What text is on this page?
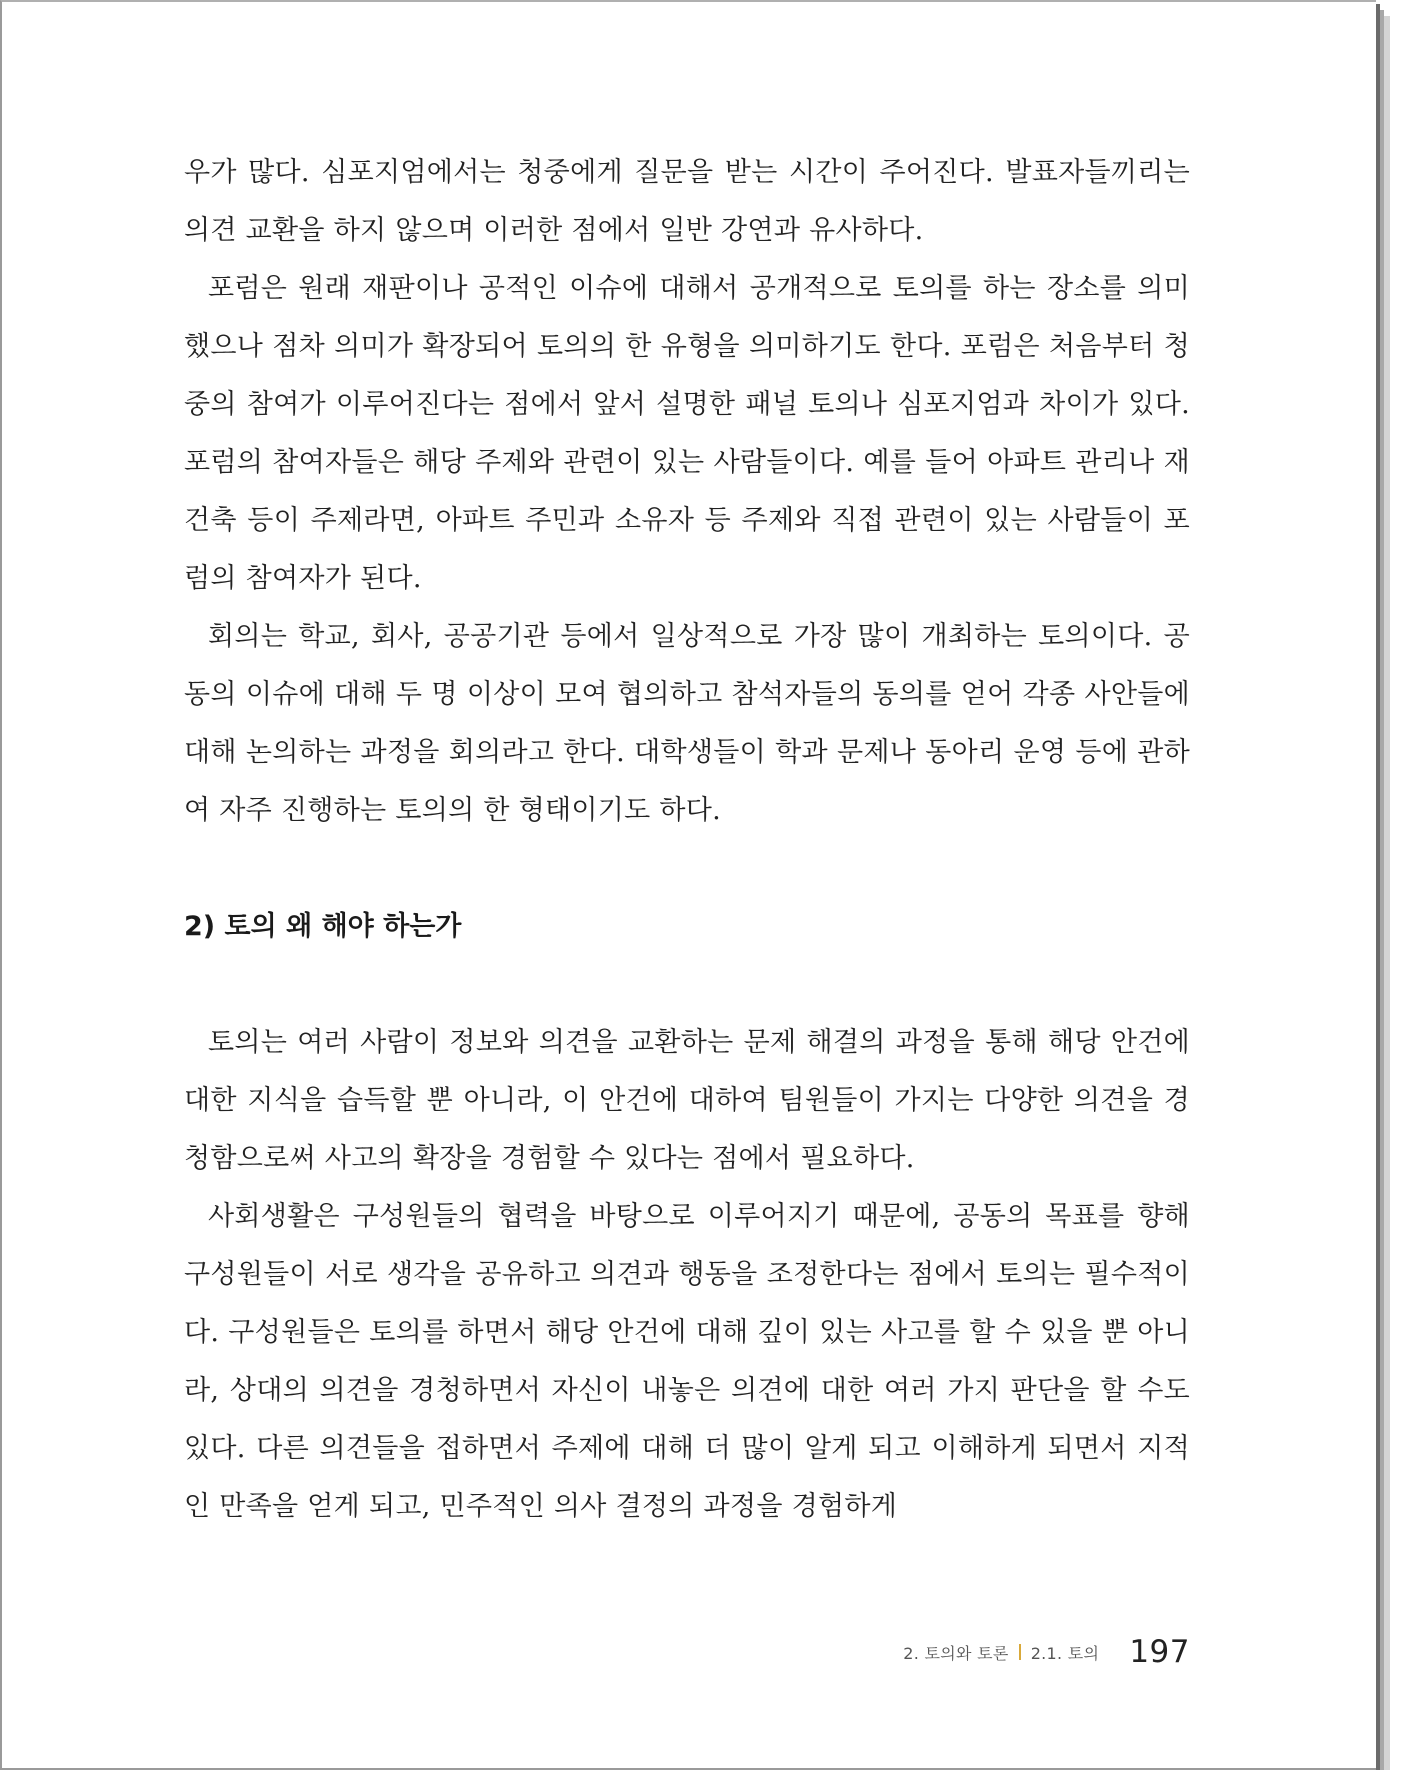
우가 많다. 심포지엄에서는 청중에게 질문을 받는 시간이 주어진다. 발표자들끼리는 의견 교환을 하지 않으며 이러한 점에서 일반 강연과 유사하다.

포럼은 원래 재판이나 공적인 이슈에 대해서 공개적으로 토의를 하는 장소를 의미했으나 점차 의미가 확장되어 토의의 한 유형을 의미하기도 한다. 포럼은 처음부터 청중의 참여가 이루어진다는 점에서 앞서 설명한 패널 토의나 심포지엄과 차이가 있다. 포럼의 참여자들은 해당 주제와 관련이 있는 사람들이다. 예를 들어 아파트 관리나 재건축 등이 주제라면, 아파트 주민과 소유자 등 주제와 직접 관련이 있는 사람들이 포럼의 참여자가 된다.

회의는 학교, 회사, 공공기관 등에서 일상적으로 가장 많이 개최하는 토의이다. 공동의 이슈에 대해 두 명 이상이 모여 협의하고 참석자들의 동의를 얻어 각종 사안들에 대해 논의하는 과정을 회의라고 한다. 대학생들이 학과 문제나 동아리 운영 등에 관하여 자주 진행하는 토의의 한 형태이기도 하다.

2) 토의 왜 해야 하는가

토의는 여러 사람이 정보와 의견을 교환하는 문제 해결의 과정을 통해 해당 안건에 대한 지식을 습득할 뿐 아니라, 이 안건에 대하여 팀원들이 가지는 다양한 의견을 경청함으로써 사고의 확장을 경험할 수 있다는 점에서 필요하다.

사회생활은 구성원들의 협력을 바탕으로 이루어지기 때문에, 공동의 목표를 향해 구성원들이 서로 생각을 공유하고 의견과 행동을 조정한다는 점에서 토의는 필수적이다. 구성원들은 토의를 하면서 해당 안건에 대해 깊이 있는 사고를 할 수 있을 뿐 아니라, 상대의 의견을 경청하면서 자신이 내놓은 의견에 대한 여러 가지 판단을 할 수도 있다. 다른 의견들을 접하면서 주제에 대해 더 많이 알게 되고 이해하게 되면서 지적인 만족을 얻게 되고, 민주적인 의사 결정의 과정을 경험하게

2. 토의와 토론 2.1. 토의 197
